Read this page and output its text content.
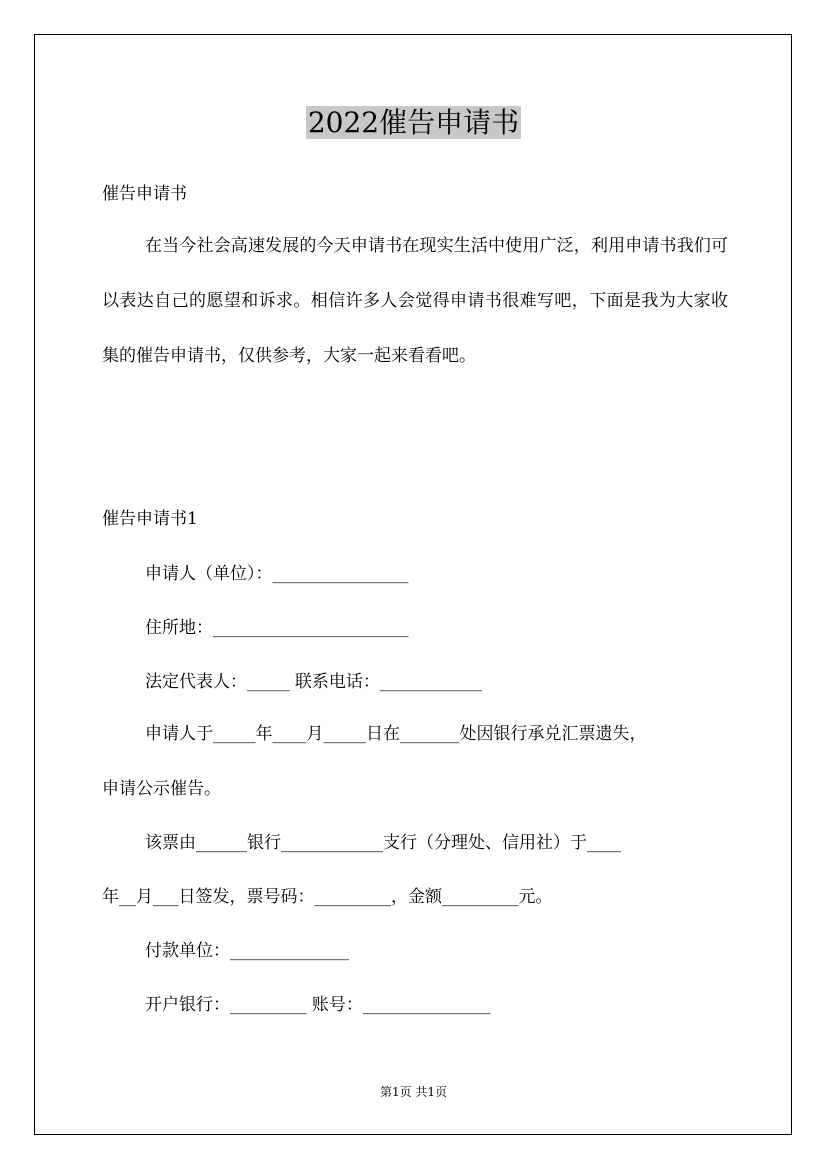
2022催告申请书
催告申请书
在当今社会高速发展的今天申请书在现实生活中使用广泛，利用申请书我们可以表达自己的愿望和诉求。相信许多人会觉得申请书很难写吧，下面是我为大家收集的催告申请书，仅供参考，大家一起来看看吧。
催告申请书1
申请人（单位）：________________
住所地：_______________________
法定代表人：_____ 联系电话：____________
申请人于_____年____月_____日在_______处因银行承兑汇票遗失，
申请公示催告。
该票由______银行____________支行（分理处、信用社）于____
年__月___日签发，票号码：_________，金额_________元。
付款单位：______________
开户银行：_________ 账号：_______________
第1页 共1页
